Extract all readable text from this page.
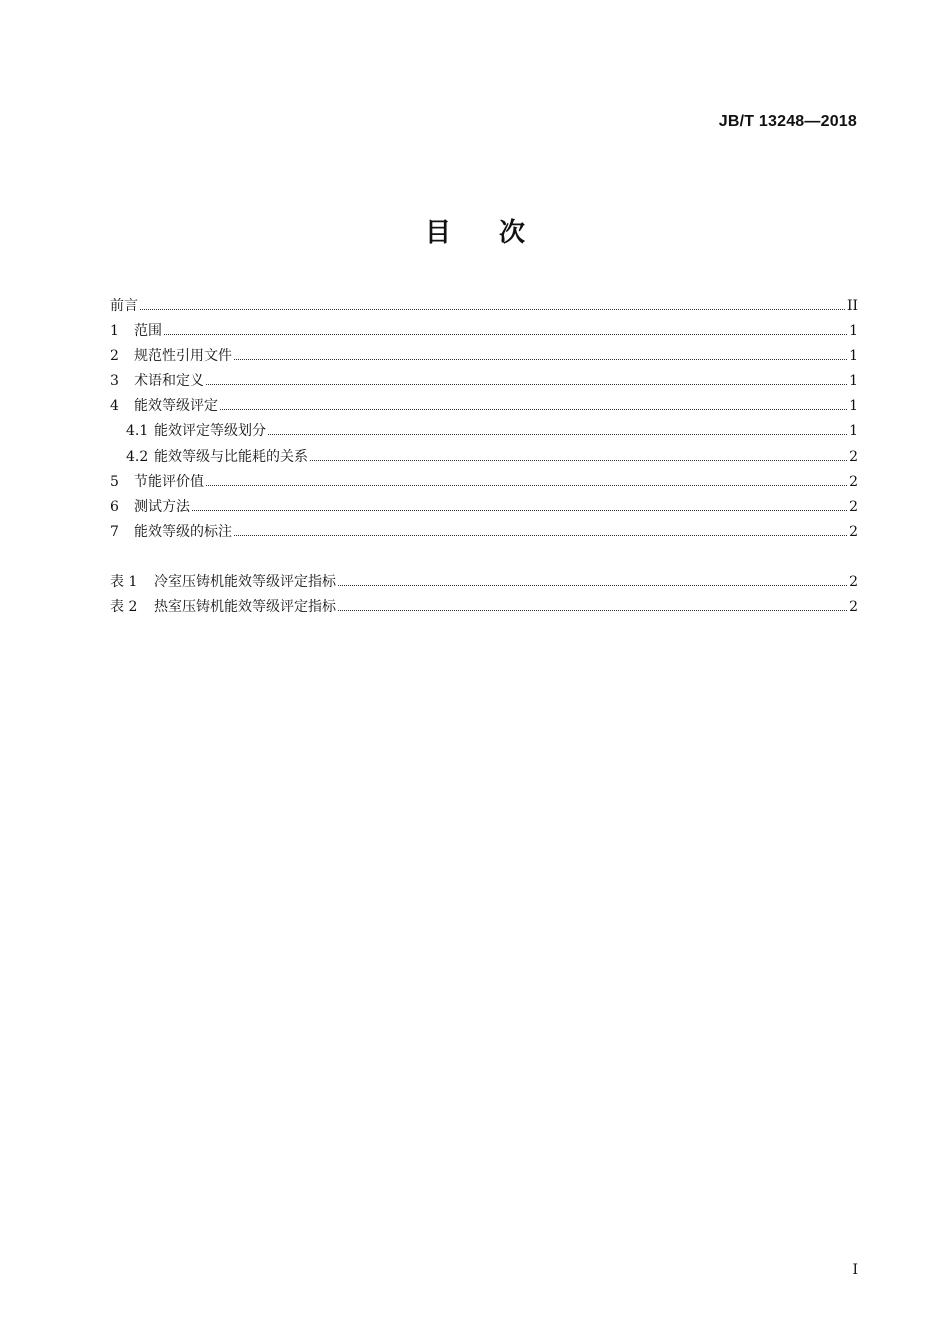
JB/T 13248—2018
目次
前言	II
1	范围	1
2	规范性引用文件	1
3	术语和定义	1
4	能效等级评定	1
4.1 能效评定等级划分	1
4.2 能效等级与比能耗的关系	2
5	节能评价值	2
6	测试方法	2
7	能效等级的标注	2
表 1	冷室压铸机能效等级评定指标	2
表 2	热室压铸机能效等级评定指标	2
I
